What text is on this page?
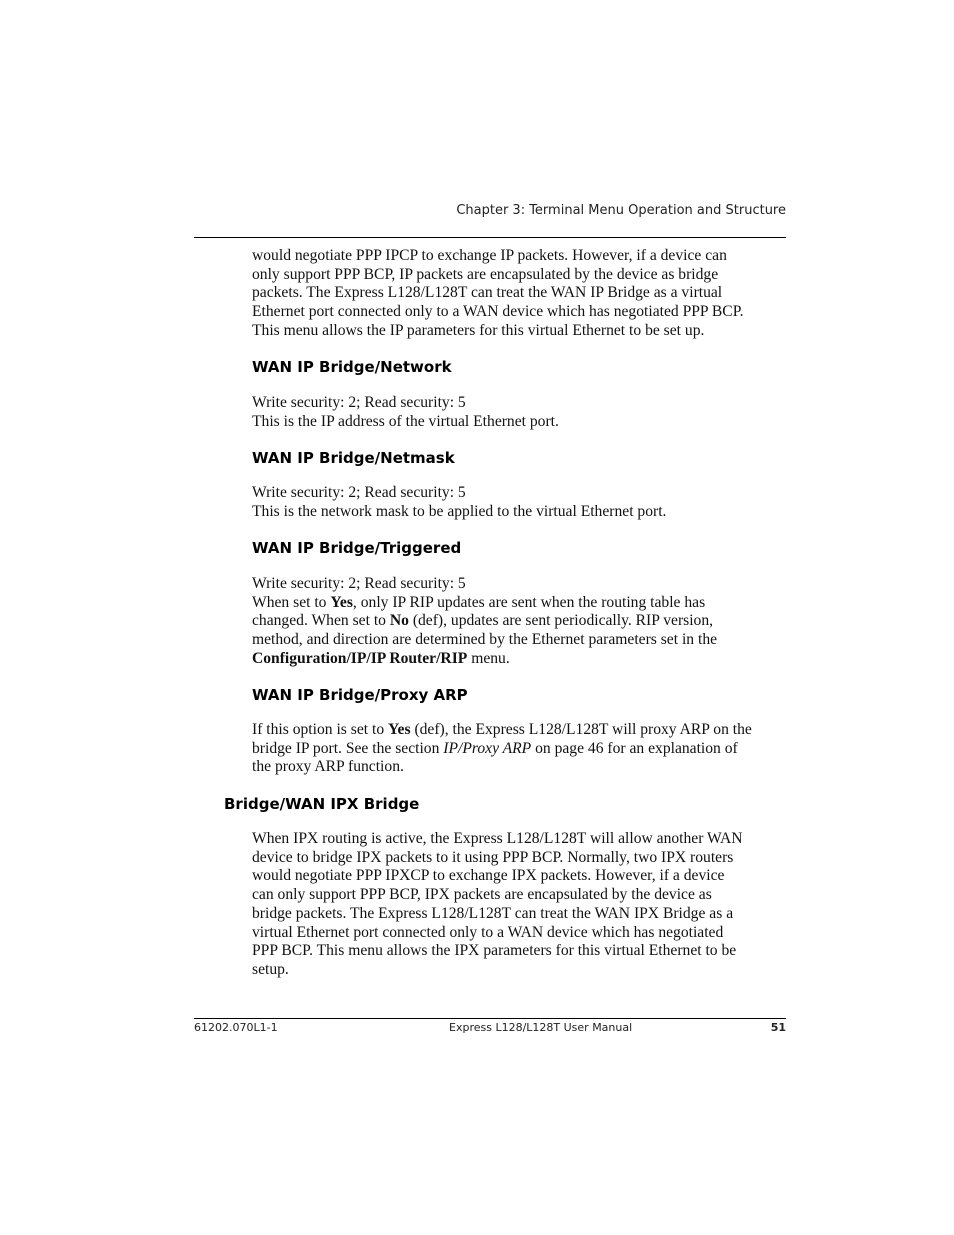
Chapter 3: Terminal Menu Operation and Structure
would negotiate PPP IPCP to exchange IP packets. However, if a device can
only support PPP BCP, IP packets are encapsulated by the device as bridge
packets. The Express L128/L128T can treat the WAN IP Bridge as a virtual
Ethernet port connected only to a WAN device which has negotiated PPP BCP.
This menu allows the IP parameters for this virtual Ethernet to be set up.
WAN IP Bridge/Network
Write security: 2; Read security: 5
This is the IP address of the virtual Ethernet port.
WAN IP Bridge/Netmask
Write security: 2; Read security: 5
This is the network mask to be applied to the virtual Ethernet port.
WAN IP Bridge/Triggered
Write security: 2; Read security: 5
When set to Yes, only IP RIP updates are sent when the routing table has
changed. When set to No (def), updates are sent periodically. RIP version,
method, and direction are determined by the Ethernet parameters set in the
Configuration/IP/IP Router/RIP menu.
WAN IP Bridge/Proxy ARP
If this option is set to Yes (def), the Express L128/L128T will proxy ARP on the
bridge IP port. See the section IP/Proxy ARP on page 46 for an explanation of
the proxy ARP function.
Bridge/WAN IPX Bridge
When IPX routing is active, the Express L128/L128T will allow another WAN
device to bridge IPX packets to it using PPP BCP. Normally, two IPX routers
would negotiate PPP IPXCP to exchange IPX packets. However, if a device
can only support PPP BCP, IPX packets are encapsulated by the device as
bridge packets. The Express L128/L128T can treat the WAN IPX Bridge as a
virtual Ethernet port connected only to a WAN device which has negotiated
PPP BCP. This menu allows the IPX parameters for this virtual Ethernet to be
setup.
61202.070L1-1	Express L128/L128T User Manual	51
